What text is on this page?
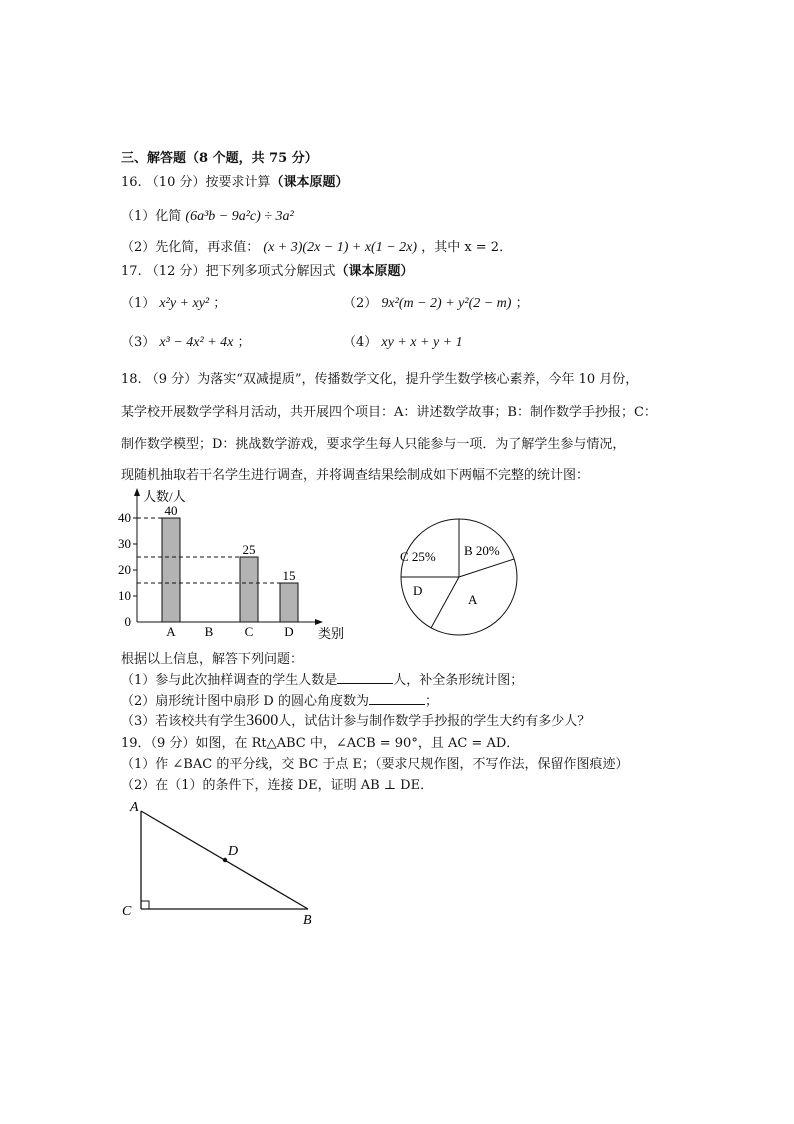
三、解答题（8 个题，共 75 分）
16. （10 分）按要求计算（课本原题）
（1）化简 (6a³b − 9a²c) ÷ 3a²
（2）先化简，再求值： (x + 3)(2x − 1) + x(1 − 2x) ，其中 x = 2．
17. （12 分）把下列多项式分解因式（课本原题）
（1） x²y + xy² ；	（2） 9x²(m − 2) + y²(2 − m) ；
（3） x³ − 4x² + 4x ；	（4） xy + x + y + 1
18. （9 分）为落实“双减提质”，传播数学文化，提升学生数学核心素养，今年 10 月份，
某学校开展数学学科月活动，共开展四个项目：A：讲述数学故事；B：制作数学手抄报；C：
制作数学模型；D：挑战数学游戏，要求学生每人只能参与一项．为了解学生参与情况，
现随机抽取若干名学生进行调查，并将调查结果绘制成如下两幅不完整的统计图：
0
10
20
30
40	40
A B
25
C
15
D
人数/人
类别
C 25% B 20%
A
D
根据以上信息，解答下列问题：
（1）参与此次抽样调查的学生人数是	人，补全条形统计图；
（2）扇形统计图中扇形 D 的圆心角度数为	；
（3）若该校共有学生3600人，试估计参与制作数学手抄报的学生大约有多少人？
19．（9 分）如图，在 Rt△ABC 中，∠ACB = 90°，且 AC = AD．
（1）作 ∠BAC 的平分线，交 BC 于点 E；（要求尺规作图，不写作法，保留作图痕迹）
（2）在（1）的条件下，连接 DE，证明 AB ⊥ DE．
A
C
B
D
